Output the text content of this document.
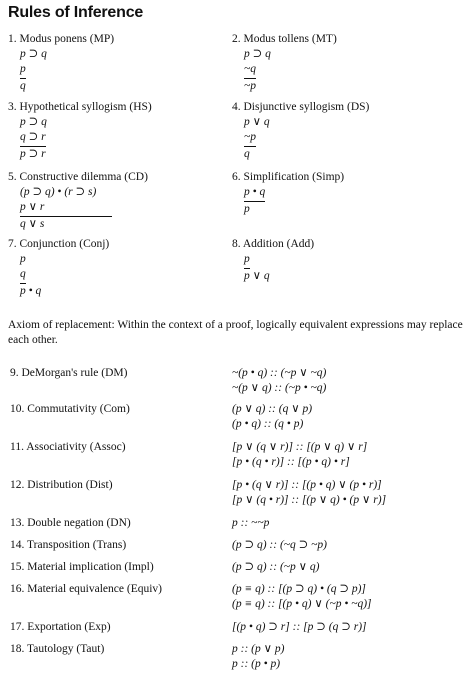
Rules of Inference
1. Modus ponens (MP)
p ⊃ q
p
q
2. Modus tollens (MT)
p ⊃ q
~q
~p
3. Hypothetical syllogism (HS)
p ⊃ q
q ⊃ r
p ⊃ r
4. Disjunctive syllogism (DS)
p ∨ q
~p
q
5. Constructive dilemma (CD)
(p ⊃ q) • (r ⊃ s)
p ∨ r
q ∨ s
6. Simplification (Simp)
p • q
p
7. Conjunction (Conj)
p
q
p • q
8. Addition (Add)
p
p ∨ q
Axiom of replacement: Within the context of a proof, logically equivalent expressions may replace each other.
9. DeMorgan's rule (DM)	~(p • q) :: (~p ∨ ~q)
~(p ∨ q) :: (~p • ~q)
10. Commutativity (Com)	(p ∨ q) :: (q ∨ p)
(p • q) :: (q • p)
11. Associativity (Assoc)	[p ∨ (q ∨ r)] :: [(p ∨ q) ∨ r]
[p • (q • r)] :: [(p • q) • r]
12. Distribution (Dist)	[p • (q ∨ r)] :: [(p • q) ∨ (p • r)]
[p ∨ (q • r)] :: [(p ∨ q) • (p ∨ r)]
13. Double negation (DN)	p :: ~~p
14. Transposition (Trans)	(p ⊃ q) :: (~q ⊃ ~p)
15. Material implication (Impl)	(p ⊃ q) :: (~p ∨ q)
16. Material equivalence (Equiv)	(p ≡ q) :: [(p ⊃ q) • (q ⊃ p)]
(p ≡ q) :: [(p • q) ∨ (~p • ~q)]
17. Exportation (Exp)	[(p • q) ⊃ r] :: [p ⊃ (q ⊃ r)]
18. Tautology (Taut)	p :: (p ∨ p)
p :: (p • p)
